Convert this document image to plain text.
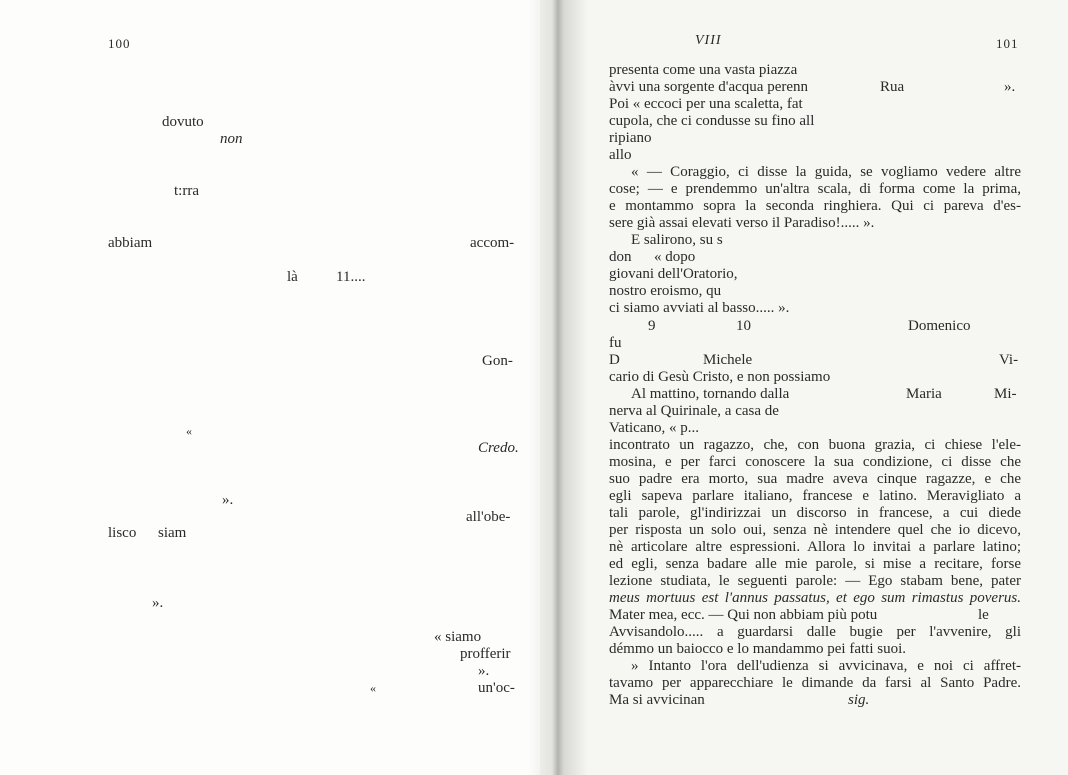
100
dovuto
non
t:rra
abbiam	accom-
là	11....
Gon-
«
Credo.
».
all'obe-
lisco siam
».
« siamo
profferir
».
«	un'oc-
VIII	101
presenta come una vasta piazza
àvvi una sorgente d'acqua perenn	Rua	».
Poi « eccoci per una scaletta, fat
cupola, che ci condusse su fino all
ripiano
allo
« — Coraggio, ci disse la guida, se vogliamo vedere altre
cose; — e prendemmo un'altra scala, di forma come la prima,
e montammo sopra la seconda ringhiera. Qui ci pareva d'es-
sere già assai elevati verso il Paradiso!..... ».
E salirono, su s
don « dopo
giovani dell'Oratorio,
nostro eroismo, qu
ci siamo avviati al basso..... ».
9	10	Domenico
fu
D	Michele	Vi-
cario di Gesù Cristo, e non possiamo
Al mattino, tornando dalla	Maria	Mi-
nerva al Quirinale, a casa de
Vaticano, « p...
incontrato un ragazzo, che, con buona grazia, ci chiese l'ele-
mosina, e per farci conoscere la sua condizione, ci disse che
suo padre era morto, sua madre aveva cinque ragazze, e che
egli sapeva parlare italiano, francese e latino. Meravigliato a
tali parole, gl'indirizzai un discorso in francese, a cui diede
per risposta un solo oui, senza nè intendere quel che io dicevo,
nè articolare altre espressioni. Allora lo invitai a parlare latino;
ed egli, senza badare alle mie parole, si mise a recitare, forse
lezione studiata, le seguenti parole: — Ego stabam bene, pater
meus mortuus est l'annus passatus, et ego sum rimastus poverus.
Mater mea, ecc. — Qui non abbiam più potu	le
Avvisandolo..... a guardarsi dalle bugie per l'avvenire, gli
démmo un baiocco e lo mandammo pei fatti suoi.
» Intanto l'ora dell'udienza si avvicinava, e noi ci affret-
tavamo per apparecchiare le dimande da farsi al Santo Padre.
Ma si avvicinan	sig.
